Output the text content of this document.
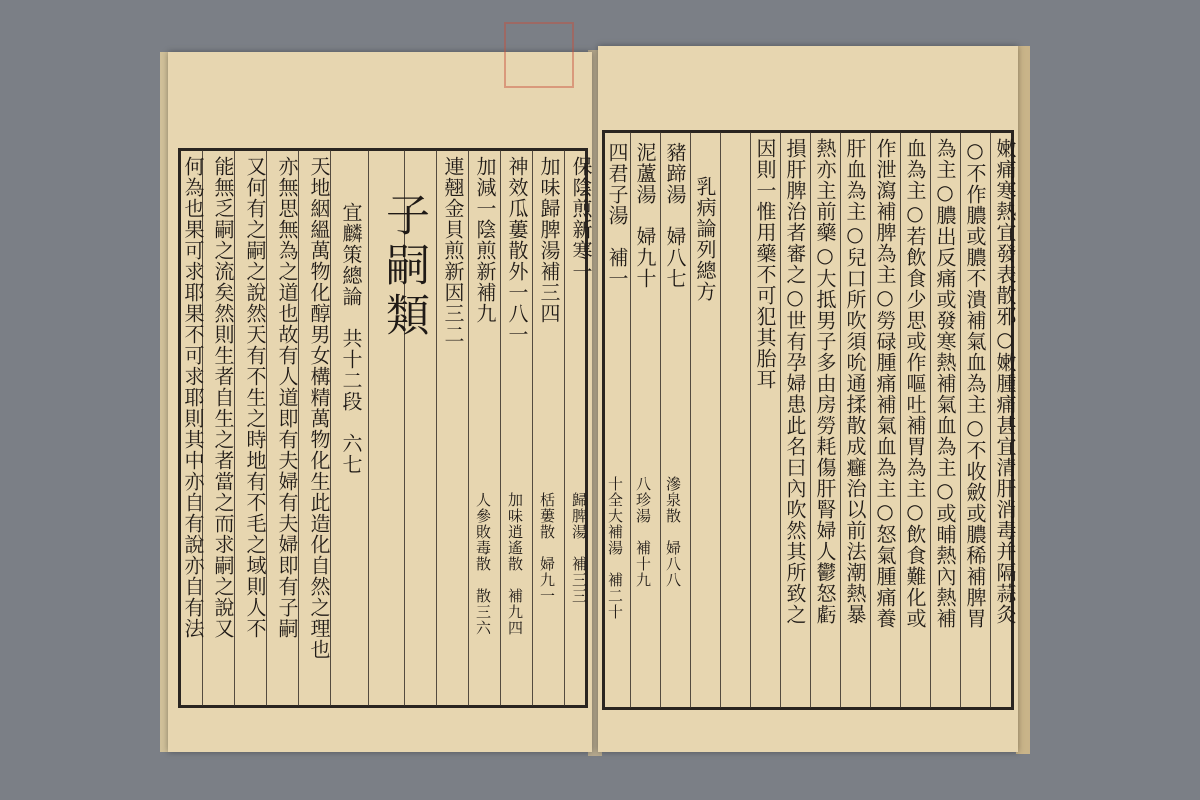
保陰煎新寒一
加味歸脾湯補三四
神效瓜蔞散外一八一
加減一陰煎新補九
連翹金貝煎新因三二
子嗣類
宜麟策總論　共十二段　六七
天地絪縕萬物化醇男女構精萬物化生此造化自然之理也
亦無思無為之道也故有人道即有夫婦有夫婦即有子嗣
又何有之嗣之說然天有不生之時地有不毛之域則人不
能無乏嗣之流矣然則生者自生之者當之而求嗣之說又
何為也果可求耶果不可求耶則其中亦自有說亦自有法	歸脾湯　補三三
栝蔞散　婦九一
加味逍遙散　補九四
人參敗毒散　散三六	嫩痛寒熱宜發表散邪○嫩腫痛甚宜清肝消毒并隔蒜灸
○不作膿或膿不潰補氣血為主○不收斂或膿稀補脾胃
為主○膿出反痛或發寒熱補氣血為主○或晡熱內熱補
血為主○若飲食少思或作嘔吐補胃為主○飲食難化或
作泄瀉補脾為主○勞碌腫痛補氣血為主○怒氣腫痛養
肝血為主○兒口所吹須吮通揉散成癰治以前法潮熱暴
熱亦主前藥○大抵男子多由房勞耗傷肝腎婦人鬱怒虧
損肝脾治者審之○世有孕婦患此名曰內吹然其所致之
因則一惟用藥不可犯其胎耳
乳病論列總方
豬蹄湯　婦八七
泥蘆湯　婦九十
四君子湯　補一
滲泉散　婦八八
八珍湯　補十九
十全大補湯　補二十
